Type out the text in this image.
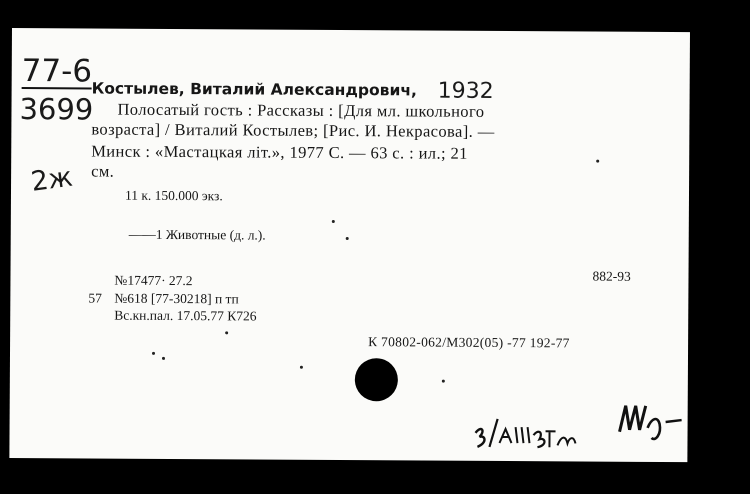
77-6
3699
Костылев, Виталий Александрович, 1932
Полосатый гость : Рассказы : [Для мл. школьного
возраста] / Виталий Костылев; [Рис. И. Некрасова]. —
Минск : «Мастацкая літ.», 1977 С. — 63 с. : ил.; 21
см.
2ж	11 к. 150.000 экз.
——1 Животные (д. л.).
№17477· 27.2	882-93
57 №618 [77-30218] п тп
Вс.кн.пал. 17.05.77 К726
К 70802-062/М302(05) -77 192-77
